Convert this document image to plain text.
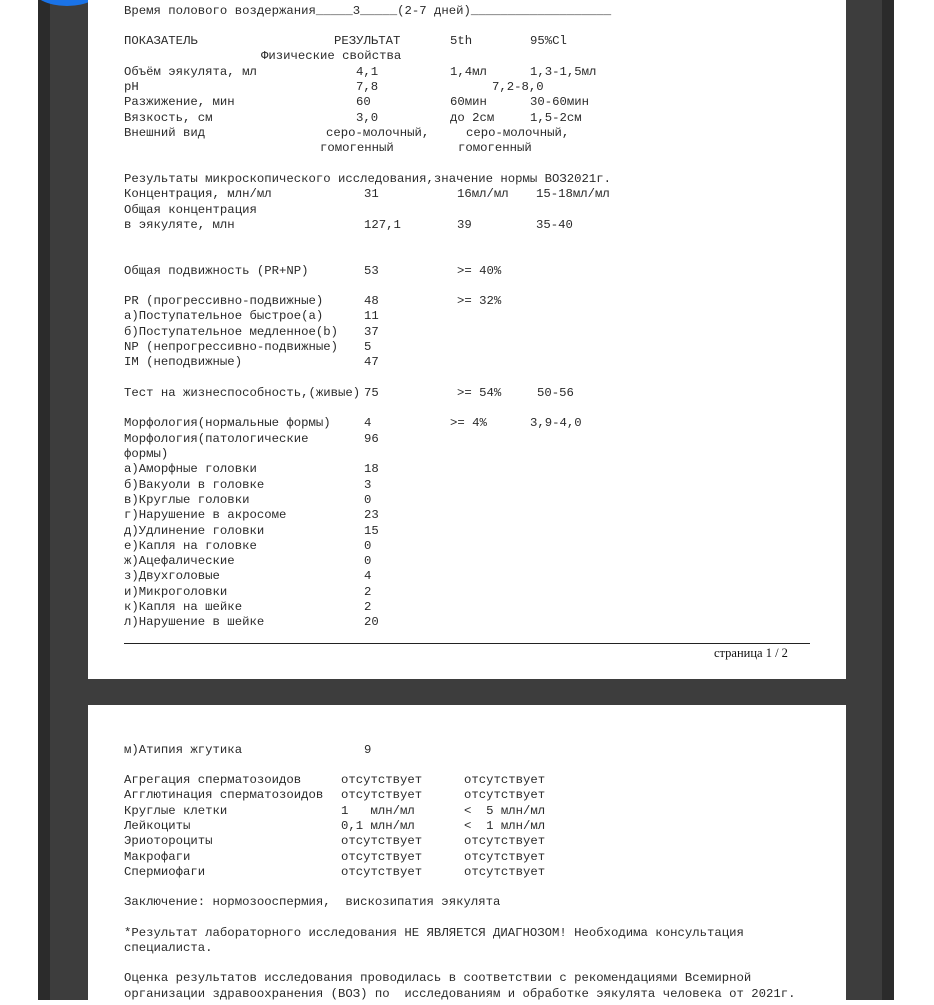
Время полового воздержания_____3_____(2-7 дней)___________________
ПОКАЗАТЕЛЬ	РЕЗУЛЬТАТ	5th	95%Cl
Физические свойства
Объём эякулята, мл	4,1	1,4мл	1,3-1,5мл
pH	7,8	7,2-8,0
Разжижение, мин	60	60мин	30-60мин
Вязкость, см	3,0	до 2см	1,5-2см
Внешний вид	серо-молочный,	серо-молочный,
гомогенный	гомогенный
Результаты микроскопического исследования,значение нормы ВОЗ2021г.
Концентрация, млн/мл	31	16мл/мл 15-18мл/мл
Общая концентрация
в эякуляте, млн	127,1	39	35-40
Общая подвижность (PR+NP)	53	>= 40%
PR (прогрессивно-подвижные)	48	>= 32%
а)Поступательное быстрое(а)	11
б)Поступательное медленное(b) 37
NP (непрогрессивно-подвижные) 5
IM (неподвижные)	47
Тест на жизнеспособность,(живые) 75	>= 54%	50-56
Морфология(нормальные формы)	4	>= 4%	3,9-4,0
Морфология(патологические	96
формы)
а)Аморфные головки	18
б)Вакуоли в головке	3
в)Круглые головки	0
г)Нарушение в акросоме	23
д)Удлинение головки	15
е)Капля на головке	0
ж)Ацефалические	0
з)Двухголовые	4
и)Микроголовки	2
к)Капля на шейке	2
л)Нарушение в шейке	20
страница 1 / 2
м)Атипия жгутика	9
Агрегация сперматозоидов	отсутствует	отсутствует
Агглютинация сперматозоидов отсутствует	отсутствует
Круглые клетки	1   млн/мл	<  5 млн/мл
Лейкоциты	0,1 млн/мл	<  1 млн/мл
Эриотороциты	отсутствует	отсутствует
Макрофаги	отсутствует	отсутствует
Спермиофаги	отсутствует	отсутствует
Заключение: нормозооспермия,  вискозипатия эякулята
*Результат лабораторного исследования НЕ ЯВЛЯЕТСЯ ДИАГНОЗОМ! Необходима консультация
специалиста.
Оценка результатов исследования проводилась в соответствии с рекомендациями Всемирной
организации здравоохранения (ВОЗ) по  исследованиям и обработке эякулята человека от 2021г.
